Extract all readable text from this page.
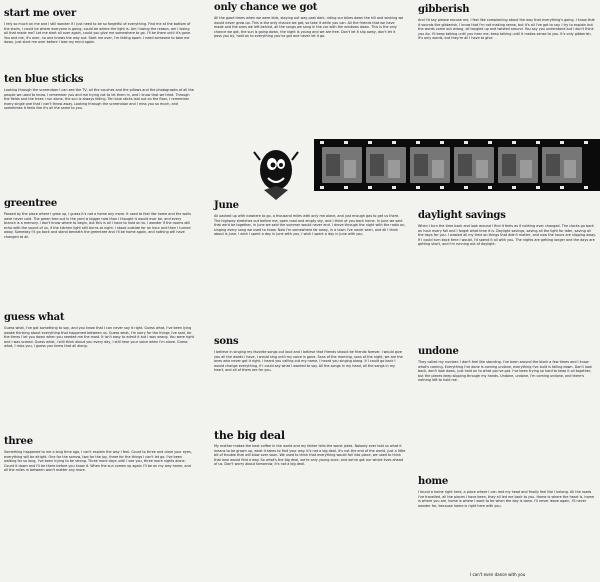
start me over
I rely so much on me and I still wander if I just need to be so forgetful of everything. Find me at the bottom of the stairs, I could be where everyone is going, could be where the light is. Am I losing the reason, am I losing all that made me? Let me start all over again, could you give me somewhere to go. I'll be there until it's gone. You and me, it's over, no one knows the way out. Start me over, I'm falling apart. I need someone to take me down, just start me over before I lose my mind again.
ten blue sticks
Looking through the screendoor I can see the TV, all the couches and the pillows and the photographs of all the people we used to know. I remember you and me trying not to let them in, and I know that we tried. Through the fields and the trees I run alone, the sun is always falling. Ten blue sticks laid out on the floor, I remember every single one that I can't throw away. Looking through the screendoor and I miss you so much, and sometimes it feels like it's all the same to you.
greentree
Passed by the place where I grew up, I guess it's not a home any more. It used to feel like home and the walls were never cold. The green tree out in the yard is bigger now than I thought it would ever be, and every branch is a memory. I don't know where to begin, but this is all I have to hold on to. I wonder if the rooms still echo with the sound of us, if the kitchen light still burns at night. I stood outside for an hour and then I turned away. Someday I'll go back and stand beneath the greentree and I'll be home again, and nothing will have changed at all.
guess what
Guess what, I've got something to say, and you know that I can never say it right. Guess what, I've been lying awake thinking about everything that happened between us. Guess what, I'm sorry for the things I've said, for the times I let you down when you needed me the most. It isn't easy to admit it but I was wrong. You were right and I was scared. Guess what, I still think about you every day, I still hear your voice when I'm alone. Guess what, I miss you, I guess you knew that all along.
three
Something happened to me a long time ago, I can't explain the way I feel. Count to three and close your eyes, everything will be alright. One for the sorrow, two for the joy, three for the things I can't let go. I've been waiting for so long, I've been trying to be strong. Three more days until I see you, three more nights alone. Count it down and I'll be there before you know it. When the sun comes up again I'll be on my way home, and all the miles in between won't matter any more.
only chance we got
All the good times when we were kids, staying out way past dark, riding our bikes down the hill and wishing we would never grow up. This is the only chance we got, so take it while you can. All the friends that we have made and the ones we left behind, all the songs we sang in the car with the windows down. This is the only chance we got, the sun is going down, the night is young and we are free. Don't let it slip away, don't let it pass you by, hold on to everything you've got and never let it go.
June
All packed up with nowhere to go, a thousand miles with only me alone, and just enough gas to get us there. The highway stretches out before me, open road and empty sky, and I think of you back home. In June we said that we'd be together, in June we said the summer would never end. I drove through the night with the radio on, singing every song we used to know. Now I'm somewhere far away, in a town I've never seen, and all I think about is June. I wish I spent a day in June with you, I wish I spent a day in June with you.
sons
I believe in singing my favorite songs out loud and I believe that friends should be friends forever. I would give you all the words I have, I would sing until my voice is gone. Sons of the morning, sons of the night, we are the ones who never got it right. I heard you calling out my name, I heard you singing along. If I could go back I would change everything, if I could say what I wanted to say. All the songs in my head, all the songs in my heart, and all of them are for you.
the big deal
My mother makes the best coffee in the world and my father tells the worst jokes. Nobody ever told us what it means to be grown up, what it takes to find your way. It's not a big deal, it's not the end of the world, just a little bit of trouble that will blow over soon. We used to think that everything would fall into place, we used to think that love would find a way. So what's the big deal, we're only young once, and we've got our whole lives ahead of us. Don't worry about tomorrow, it's not a big deal.
gibberish
And I'd say please excuse me, I feel like complaining about the way that everything's going. I know that it sounds like gibberish, I know that I'm not making sense, but it's all I've got to say. I try to explain but the words come out wrong, all tangled up and twisted around. You say you understand but I don't think you do. I'll keep talking until you hear me, keep talking until it makes sense to you. It's only gibberish, it's only words, but they're all I have to give.
daylight savings
When I turn the time back and look around I find it feels as if nothing ever changed. The clocks go back an hour every fall and I forget what time it is. Daylight savings, saving all the light for later, saving all the days for you. I wasted all my time on things that didn't matter, and now the hours are slipping away. If I could turn back time I would, I'd spend it all with you. The nights are getting longer and the days are getting short, and I'm running out of daylight.
undone
They called my number. I don't feel like standing. I've been around the block a few times and I know what's coming. Everything I've done is coming undone, everything I've built is falling down. Don't look back, don't look down, just hold on to what you've got. I've been trying so hard to keep it all together, but the pieces keep slipping through my hands. Undone, undone, I'm coming undone, and there's nothing left to hold me.
home
I found a home right here, a place where I can rest my head and finally feel like I belong. All the roads I've travelled, all the places I have been, they all led me back to you. Home is where the heart is, home is where you are, home is where I want to be when the day is done. I'll never leave again, I'll never wander far, because home is right here with you.
I can't even dance with you
